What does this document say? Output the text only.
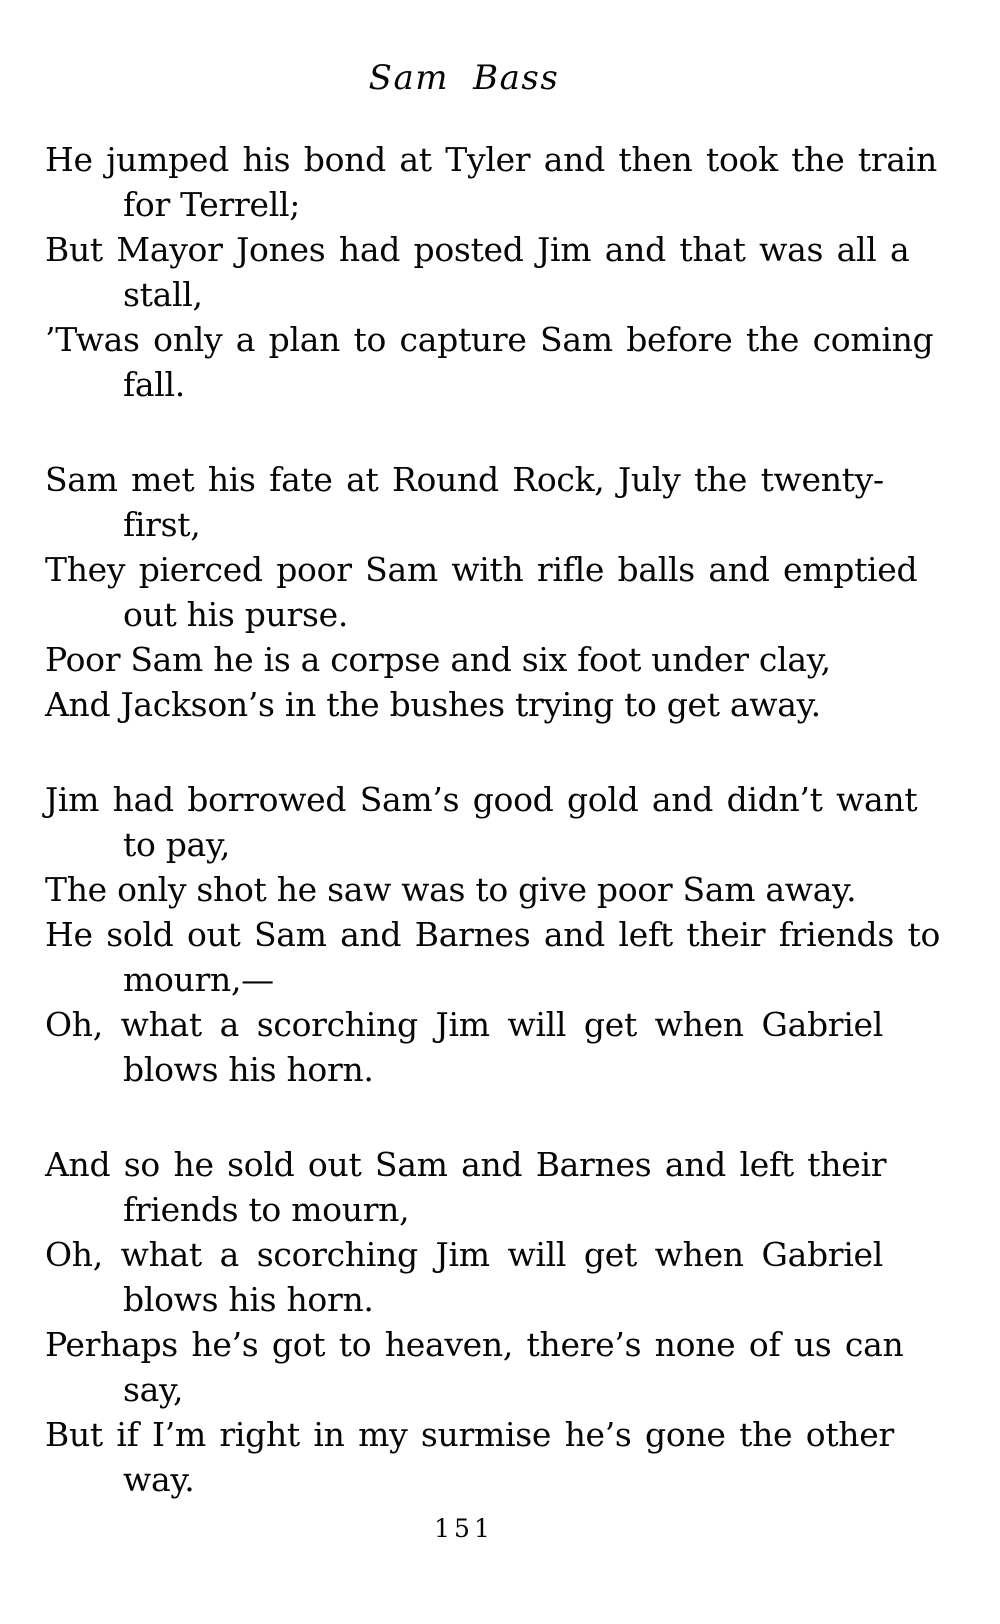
Sam Bass
He jumped his bond at Tyler and then took the train
for Terrell;
But Mayor Jones had posted Jim and that was all a
stall,
’Twas only a plan to capture Sam before the coming
fall.
Sam met his fate at Round Rock, July the twenty-
first,
They pierced poor Sam with rifle balls and emptied
out his purse.
Poor Sam he is a corpse and six foot under clay,
And Jackson’s in the bushes trying to get away.
Jim had borrowed Sam’s good gold and didn’t want
to pay,
The only shot he saw was to give poor Sam away.
He sold out Sam and Barnes and left their friends to
mourn,—
Oh, what a scorching Jim will get when Gabriel
blows his horn.
And so he sold out Sam and Barnes and left their
friends to mourn,
Oh, what a scorching Jim will get when Gabriel
blows his horn.
Perhaps he’s got to heaven, there’s none of us can
say,
But if I’m right in my surmise he’s gone the other
way.
151
